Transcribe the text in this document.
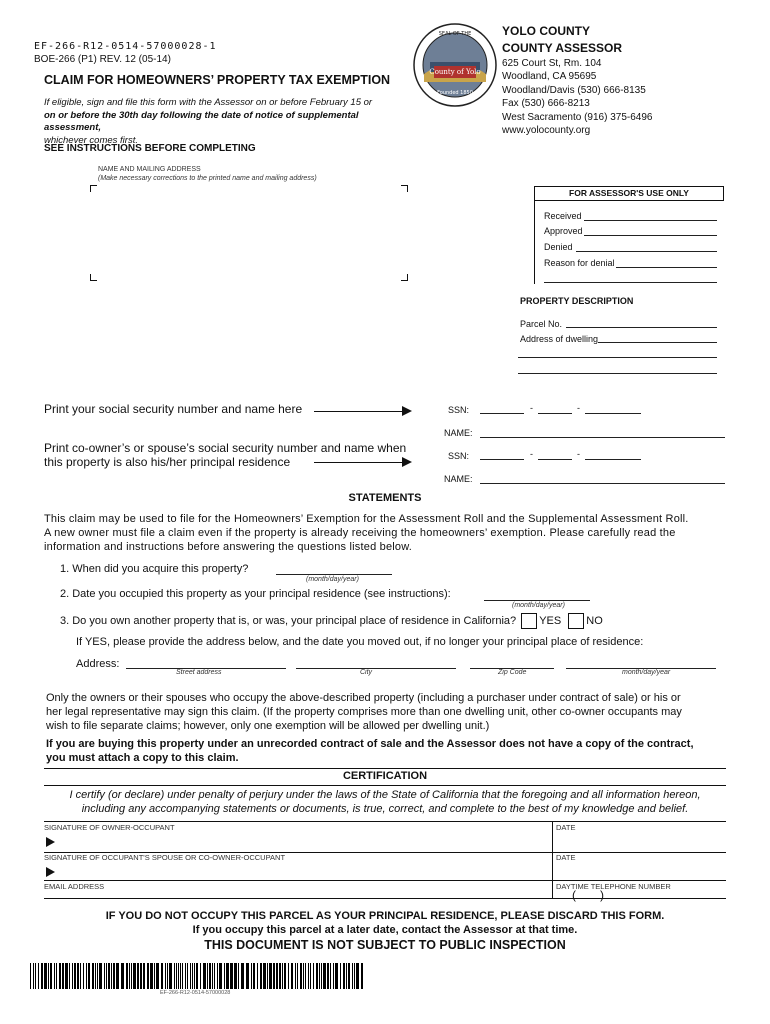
EF-266-R12-0514-57000028-1
BOE-266 (P1) REV. 12 (05-14)
CLAIM FOR HOMEOWNERS’ PROPERTY TAX EXEMPTION
If eligible, sign and file this form with the Assessor on or before February 15 or
on or before the 30th day following the date of notice of supplemental assessment,
whichever comes first.
SEE INSTRUCTIONS BEFORE COMPLETING
County of Yolo
SEAL OF THE
Founded 1850
YOLO COUNTY
COUNTY ASSESSOR
625 Court St, Rm. 104
Woodland, CA 95695
Woodland/Davis (530) 666-8135
Fax (530) 666-8213
West Sacramento (916) 375-6496
www.yolocounty.org
NAME AND MAILING ADDRESS
(Make necessary corrections to the printed name and mailing address)
FOR ASSESSOR'S USE ONLY
Received
Approved
Denied
Reason for denial
PROPERTY DESCRIPTION
Parcel No.
Address of dwelling
Print your social security number and name here	SSN:	-	-
NAME:
Print co-owner’s or spouse’s social security number and name when
this property is also his/her principal residence	SSN:	-	-
NAME:
STATEMENTS
This claim may be used to file for the Homeowners’ Exemption for the Assessment Roll and the Supplemental Assessment Roll.
A new owner must file a claim even if the property is already receiving the homeowners’ exemption. Please carefully read the
information and instructions before answering the questions listed below.
1. When did you acquire this property?
(month/day/year)
2. Date you occupied this property as your principal residence (see instructions):
(month/day/year)
3. Do you own another property that is, or was, your principal place of residence in California? YES NO
If YES, please provide the address below, and the date you moved out, if no longer your principal place of residence:
Address:
Street address	City	Zip Code	month/day/year
Only the owners or their spouses who occupy the above-described property (including a purchaser under contract of sale) or his or
her legal representative may sign this claim. (If the property comprises more than one dwelling unit, other co-owner occupants may
wish to file separate claims; however, only one exemption will be allowed per dwelling unit.)
If you are buying this property under an unrecorded contract of sale and the Assessor does not have a copy of the contract,
you must attach a copy to this claim.
CERTIFICATION
I certify (or declare) under penalty of perjury under the laws of the State of California that the foregoing and all information hereon,
including any accompanying statements or documents, is true, correct, and complete to the best of my knowledge and belief.
SIGNATURE OF OWNER-OCCUPANT	DATE
SIGNATURE OF OCCUPANT'S SPOUSE OR CO-OWNER-OCCUPANT	DATE
EMAIL ADDRESS	DAYTIME TELEPHONE NUMBER
( )
IF YOU DO NOT OCCUPY THIS PARCEL AS YOUR PRINCIPAL RESIDENCE, PLEASE DISCARD THIS FORM.
If you occupy this parcel at a later date, contact the Assessor at that time.
THIS DOCUMENT IS NOT SUBJECT TO PUBLIC INSPECTION
EF-266-R12-0514-57000028
